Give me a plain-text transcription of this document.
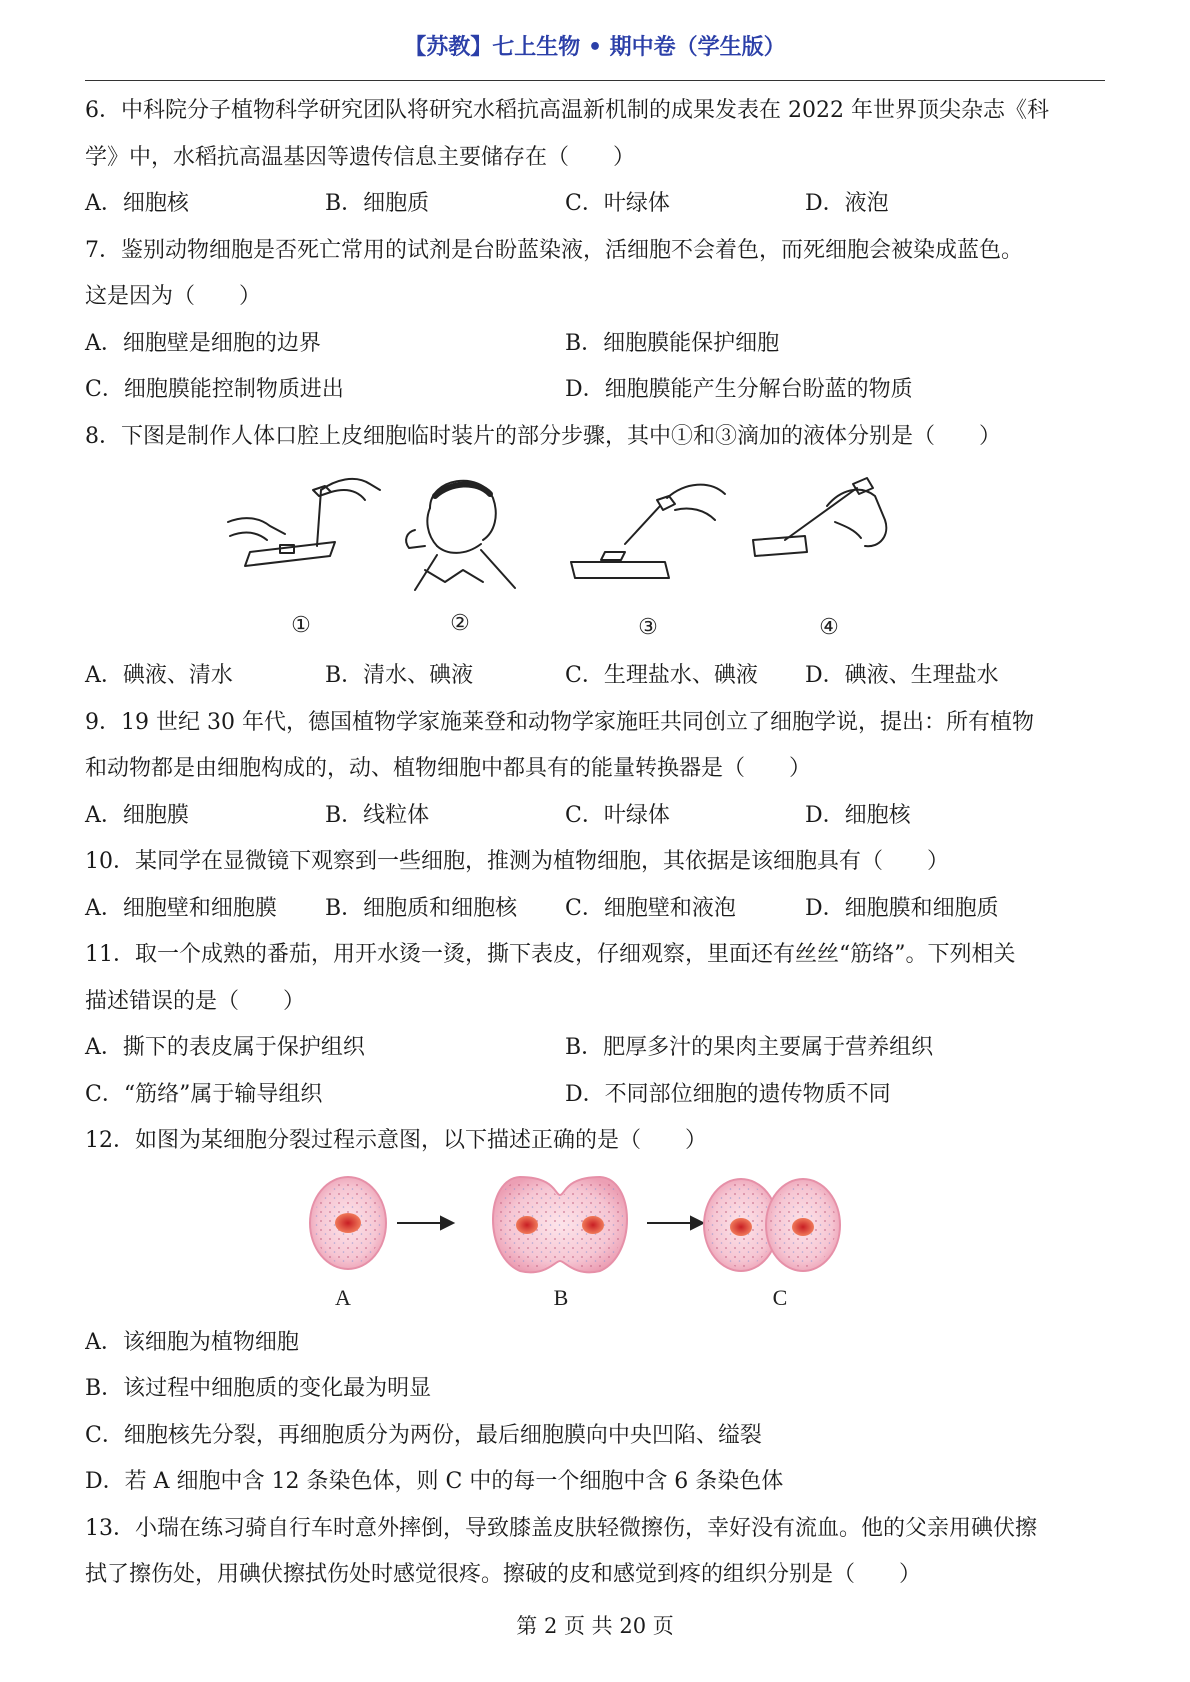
【苏教】七上生物 • 期中卷（学生版）
6．中科院分子植物科学研究团队将研究水稻抗高温新机制的成果发表在 2022 年世界顶尖杂志《科
学》中，水稻抗高温基因等遗传信息主要储存在（　　）
A．细胞核	B．细胞质	C．叶绿体	D．液泡
7．鉴别动物细胞是否死亡常用的试剂是台盼蓝染液，活细胞不会着色，而死细胞会被染成蓝色。
这是因为（　　）
A．细胞壁是细胞的边界	B．细胞膜能保护细胞
C．细胞膜能控制物质进出	D．细胞膜能产生分解台盼蓝的物质
8．下图是制作人体口腔上皮细胞临时装片的部分步骤，其中①和③滴加的液体分别是（　　）
①	②	③	④
A．碘液、清水	B．清水、碘液	C．生理盐水、碘液	D．碘液、生理盐水
9．19 世纪 30 年代，德国植物学家施莱登和动物学家施旺共同创立了细胞学说，提出：所有植物
和动物都是由细胞构成的，动、植物细胞中都具有的能量转换器是（　　）
A．细胞膜	B．线粒体	C．叶绿体	D．细胞核
10．某同学在显微镜下观察到一些细胞，推测为植物细胞，其依据是该细胞具有（　　）
A．细胞壁和细胞膜	B．细胞质和细胞核	C．细胞壁和液泡	D．细胞膜和细胞质
11．取一个成熟的番茄，用开水烫一烫，撕下表皮，仔细观察，里面还有丝丝“筋络”。下列相关
描述错误的是（　　）
A．撕下的表皮属于保护组织	B．肥厚多汁的果肉主要属于营养组织
C．“筋络”属于输导组织	D．不同部位细胞的遗传物质不同
12．如图为某细胞分裂过程示意图，以下描述正确的是（　　）
A	B	C
A．该细胞为植物细胞
B．该过程中细胞质的变化最为明显
C．细胞核先分裂，再细胞质分为两份，最后细胞膜向中央凹陷、缢裂
D．若 A 细胞中含 12 条染色体，则 C 中的每一个细胞中含 6 条染色体
13．小瑞在练习骑自行车时意外摔倒，导致膝盖皮肤轻微擦伤，幸好没有流血。他的父亲用碘伏擦
拭了擦伤处，用碘伏擦拭伤处时感觉很疼。擦破的皮和感觉到疼的组织分别是（　　）
第 2 页 共 20 页
